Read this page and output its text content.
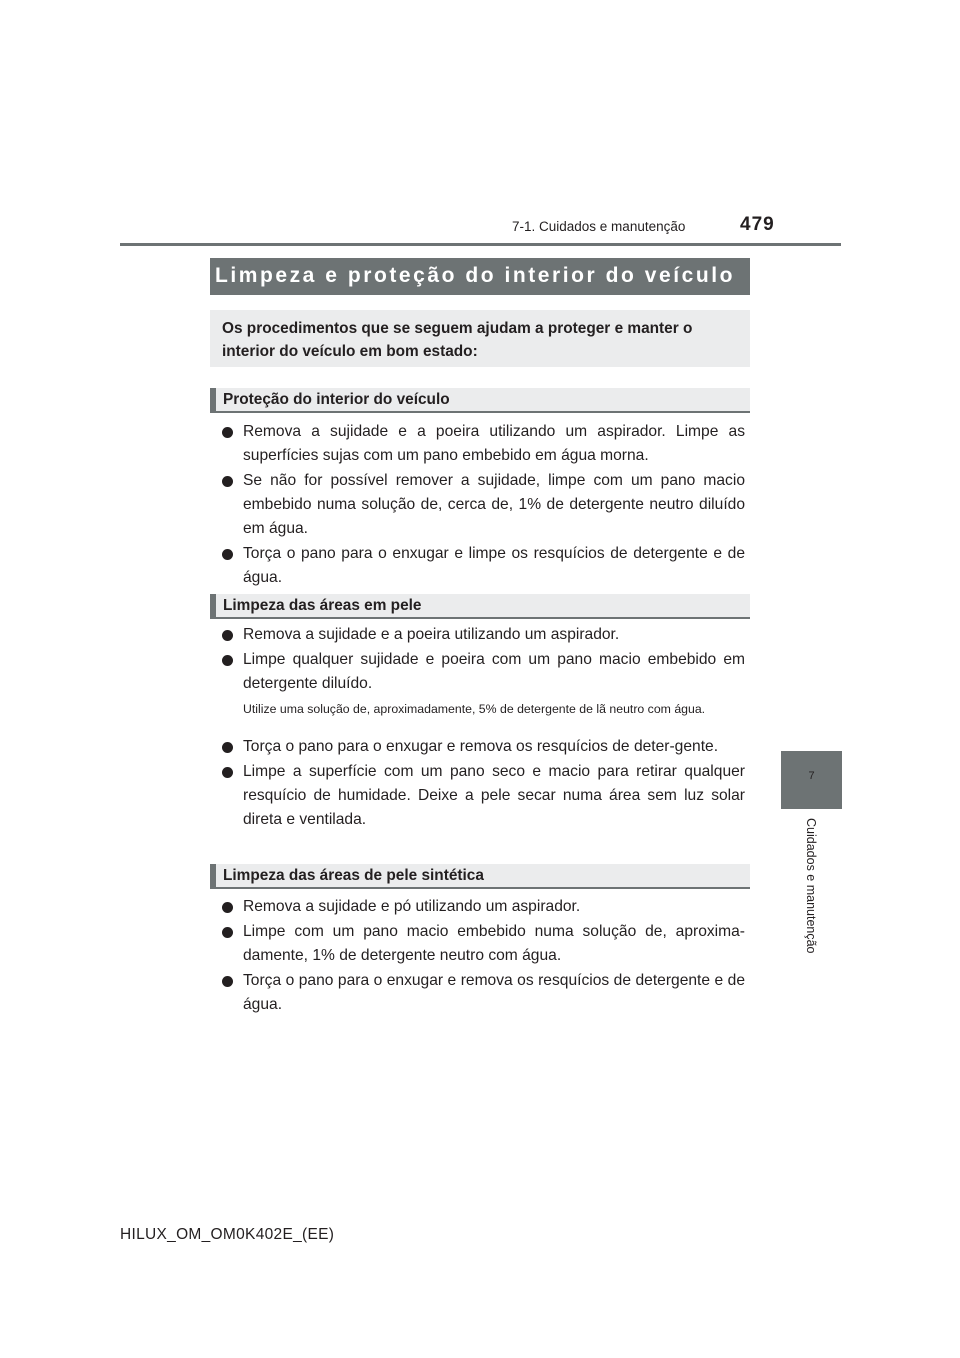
7-1. Cuidados e manutenção	479
7
Cuidados e manutenção
Limpeza e proteção do interior do veículo
Os procedimentos que se seguem ajudam a proteger e manter o interior do veículo em bom estado:
Proteção do interior do veículo
Remova a sujidade e a poeira utilizando um aspirador. Limpe as superfícies sujas com um pano embebido em água morna.
Se não for possível remover a sujidade, limpe com um pano macio embebido numa solução de, cerca de, 1% de detergente neutro diluído em água.
Torça o pano para o enxugar e limpe os resquícios de detergente e de água.
Limpeza das áreas em pele
Remova a sujidade e a poeira utilizando um aspirador.
Limpe qualquer sujidade e poeira com um pano macio embebido em detergente diluído.
Utilize uma solução de, aproximadamente, 5% de detergente de lã neutro com água.
Torça o pano para o enxugar e remova os resquícios de deter-gente.
Limpe a superfície com um pano seco e macio para retirar qualquer resquício de humidade. Deixe a pele secar numa área sem luz solar direta e ventilada.
Limpeza das áreas de pele sintética
Remova a sujidade e pó utilizando um aspirador.
Limpe com um pano macio embebido numa solução de, aproxima-damente, 1% de detergente neutro com água.
Torça o pano para o enxugar e remova os resquícios de detergente e de água.
HILUX_OM_OM0K402E_(EE)
